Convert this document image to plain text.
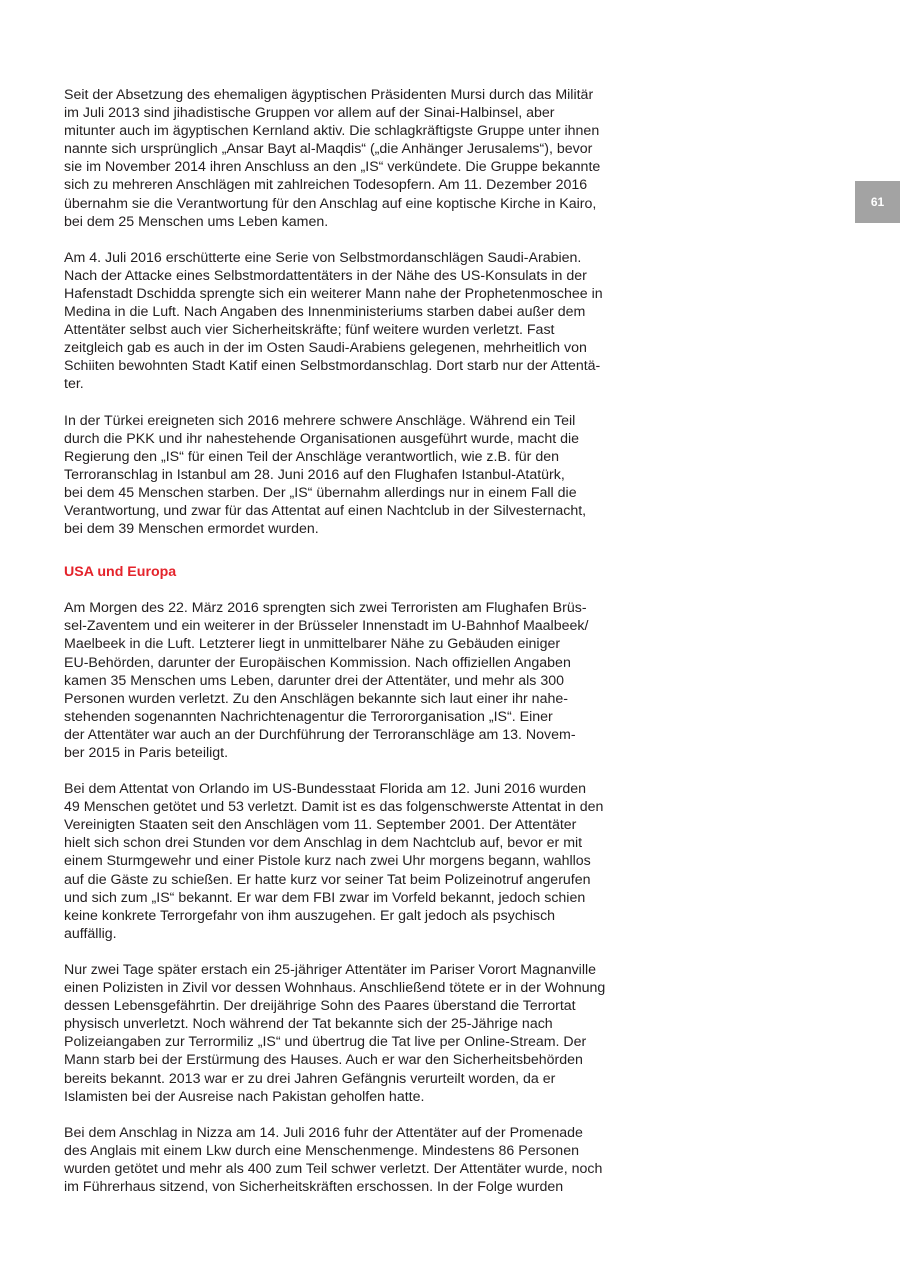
Seit der Absetzung des ehemaligen ägyptischen Präsidenten Mursi durch das Militär
im Juli 2013 sind jihadistische Gruppen vor allem auf der Sinai-Halbinsel, aber
mitunter auch im ägyptischen Kernland aktiv. Die schlagkräftigste Gruppe unter ihnen
nannte sich ursprünglich „Ansar Bayt al-Maqdis“ („die Anhänger Jerusalems“), bevor
sie im November 2014 ihren Anschluss an den „IS“ verkündete. Die Gruppe bekannte
sich zu mehreren Anschlägen mit zahlreichen Todesopfern. Am 11. Dezember 2016
übernahm sie die Verantwortung für den Anschlag auf eine koptische Kirche in Kairo,
bei dem 25 Menschen ums Leben kamen.

Am 4. Juli 2016 erschütterte eine Serie von Selbstmordanschlägen Saudi-Arabien.
Nach der Attacke eines Selbstmordattentäters in der Nähe des US-Konsulats in der
Hafenstadt Dschidda sprengte sich ein weiterer Mann nahe der Prophetenmoschee in
Medina in die Luft. Nach Angaben des Innenministeriums starben dabei außer dem
Attentäter selbst auch vier Sicherheitskräfte; fünf weitere wurden verletzt. Fast
zeitgleich gab es auch in der im Osten Saudi-Arabiens gelegenen, mehrheitlich von
Schiiten bewohnten Stadt Katif einen Selbstmordanschlag. Dort starb nur der Attentä-
ter.

In der Türkei ereigneten sich 2016 mehrere schwere Anschläge. Während ein Teil
durch die PKK und ihr nahestehende Organisationen ausgeführt wurde, macht die
Regierung den „IS“ für einen Teil der Anschläge verantwortlich, wie z.B. für den
Terroranschlag in Istanbul am 28. Juni 2016 auf den Flughafen Istanbul-Atatürk,
bei dem 45 Menschen starben. Der „IS“ übernahm allerdings nur in einem Fall die
Verantwortung, und zwar für das Attentat auf einen Nachtclub in der Silvesternacht,
bei dem 39 Menschen ermordet wurden.

USA und Europa

Am Morgen des 22. März 2016 sprengten sich zwei Terroristen am Flughafen Brüs-
sel-Zaventem und ein weiterer in der Brüsseler Innenstadt im U-Bahnhof Maalbeek/
Maelbeek in die Luft. Letzterer liegt in unmittelbarer Nähe zu Gebäuden einiger
EU-Behörden, darunter der Europäischen Kommission. Nach offiziellen Angaben
kamen 35 Menschen ums Leben, darunter drei der Attentäter, und mehr als 300
Personen wurden verletzt. Zu den Anschlägen bekannte sich laut einer ihr nahe-
stehenden sogenannten Nachrichtenagentur die Terrororganisation „IS“. Einer
der Attentäter war auch an der Durchführung der Terroranschläge am 13. Novem-
ber 2015 in Paris beteiligt.

Bei dem Attentat von Orlando im US-Bundesstaat Florida am 12. Juni 2016 wurden
49 Menschen getötet und 53 verletzt. Damit ist es das folgenschwerste Attentat in den
Vereinigten Staaten seit den Anschlägen vom 11. September 2001. Der Attentäter
hielt sich schon drei Stunden vor dem Anschlag in dem Nachtclub auf, bevor er mit
einem Sturmgewehr und einer Pistole kurz nach zwei Uhr morgens begann, wahllos
auf die Gäste zu schießen. Er hatte kurz vor seiner Tat beim Polizeinotruf angerufen
und sich zum „IS“ bekannt. Er war dem FBI zwar im Vorfeld bekannt, jedoch schien
keine konkrete Terrorgefahr von ihm auszugehen. Er galt jedoch als psychisch
auffällig.

Nur zwei Tage später erstach ein 25-jähriger Attentäter im Pariser Vorort Magnanville
einen Polizisten in Zivil vor dessen Wohnhaus. Anschließend tötete er in der Wohnung
dessen Lebensgefährtin. Der dreijährige Sohn des Paares überstand die Terrortat
physisch unverletzt. Noch während der Tat bekannte sich der 25-Jährige nach
Polizeiangaben zur Terrormiliz „IS“ und übertrug die Tat live per Online-Stream. Der
Mann starb bei der Erstürmung des Hauses. Auch er war den Sicherheitsbehörden
bereits bekannt. 2013 war er zu drei Jahren Gefängnis verurteilt worden, da er
Islamisten bei der Ausreise nach Pakistan geholfen hatte.

Bei dem Anschlag in Nizza am 14. Juli 2016 fuhr der Attentäter auf der Promenade
des Anglais mit einem Lkw durch eine Menschenmenge. Mindestens 86 Personen
wurden getötet und mehr als 400 zum Teil schwer verletzt. Der Attentäter wurde, noch
im Führerhaus sitzend, von Sicherheitskräften erschossen. In der Folge wurden

61
